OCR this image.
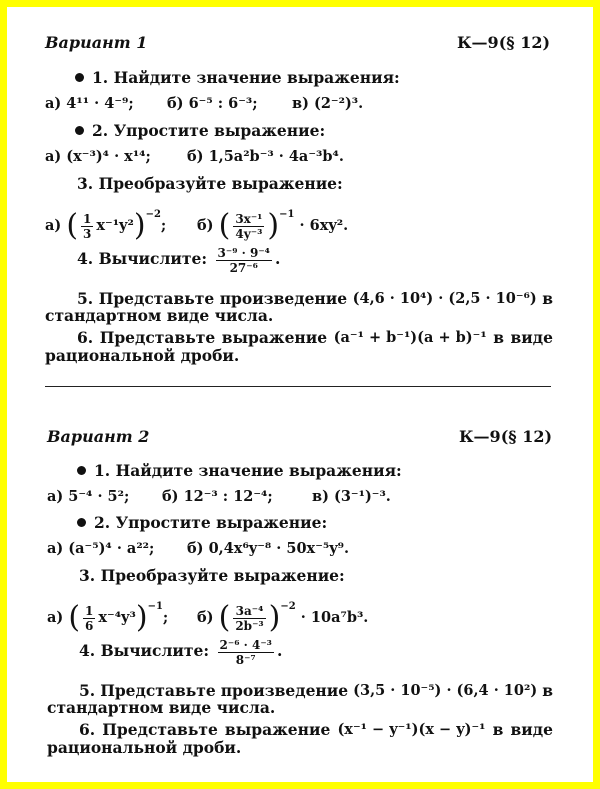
Вариант 1	К—9(§ 12)
1. Найдите значение выражения:
а) 4¹¹ · 4⁻⁹; б) 6⁻⁵ : 6⁻³; в) (2⁻²)³.
2. Упростите выражение:
а) (x⁻³)⁴ · x¹⁴; б) 1,5a²b⁻³ · 4a⁻³b⁴.
3. Преобразуйте выражение:
а) ( $\frac{1}{3} x^{-1}y^2)^{-2}$; б) ( $\frac{\text{3x⁻¹}}{\text{4y⁻³}} )^{-1} \cdot 6xy^2$.
4. Вычислите: $\frac{\text{3⁻⁹ · 9⁻⁴}}{\text{27⁻⁶}}$ .
5. Представьте произведение (4,6 · 10⁴) · (2,5 · 10⁻⁶) в
стандартном виде числа.
6. Представьте выражение (a⁻¹ + b⁻¹)(a + b)⁻¹ в виде
рациональной дроби.
Вариант 2	К—9(§ 12)
1. Найдите значение выражения:
а) 5⁻⁴ · 5²; б) 12⁻³ : 12⁻⁴;	в) (3⁻¹)⁻³.
2. Упростите выражение:
а) (a⁻⁵)⁴ · a²²; б) 0,4x⁶y⁻⁸ · 50x⁻⁵y⁹.
3. Преобразуйте выражение:
а) ( $\frac{1}{6} x^{-4}y^3)^{-1}$; б) ( $\frac{\text{3a⁻⁴}}{\text{2b⁻³}} )^{-2} \cdot 10a^7b^3$.
4. Вычислите: $\frac{\text{2⁻⁶ · 4⁻³}}{\text{8⁻⁷}}$ .
5. Представьте произведение (3,5 · 10⁻⁵) · (6,4 · 10²) в
стандартном виде числа.
6. Представьте выражение (x⁻¹ − y⁻¹)(x − y)⁻¹ в виде
рациональной дроби.
